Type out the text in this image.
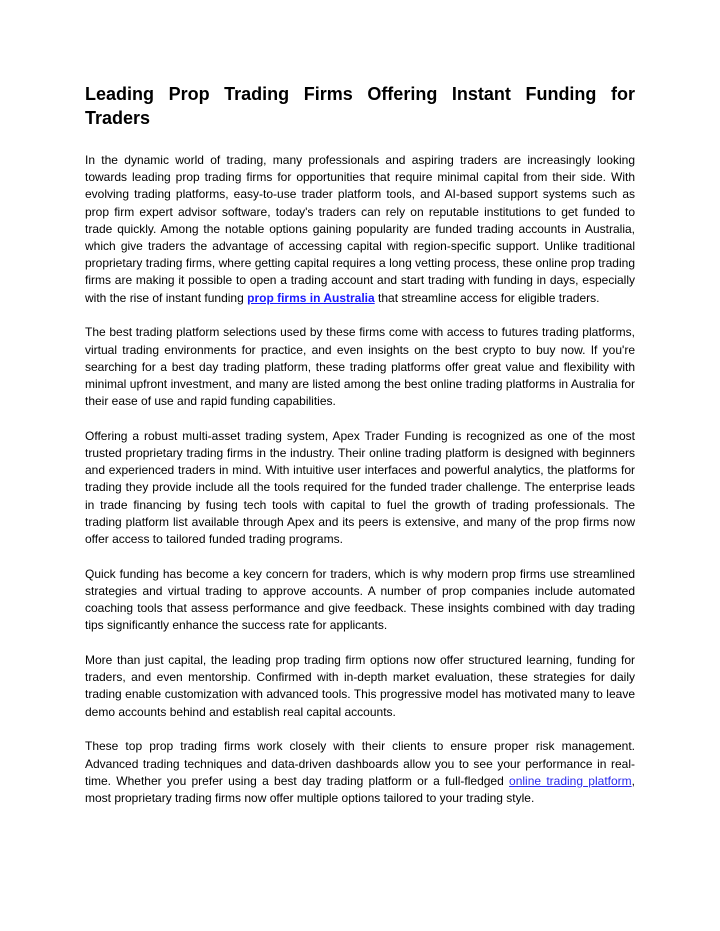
Leading Prop Trading Firms Offering Instant Funding for Traders

In the dynamic world of trading, many professionals and aspiring traders are increasingly looking towards leading prop trading firms for opportunities that require minimal capital from their side. With evolving trading platforms, easy-to-use trader platform tools, and AI-based support systems such as prop firm expert advisor software, today's traders can rely on reputable institutions to get funded to trade quickly. Among the notable options gaining popularity are funded trading accounts in Australia, which give traders the advantage of accessing capital with region-specific support. Unlike traditional proprietary trading firms, where getting capital requires a long vetting process, these online prop trading firms are making it possible to open a trading account and start trading with funding in days, especially with the rise of instant funding prop firms in Australia that streamline access for eligible traders.

The best trading platform selections used by these firms come with access to futures trading platforms, virtual trading environments for practice, and even insights on the best crypto to buy now. If you're searching for a best day trading platform, these trading platforms offer great value and flexibility with minimal upfront investment, and many are listed among the best online trading platforms in Australia for their ease of use and rapid funding capabilities.

Offering a robust multi-asset trading system, Apex Trader Funding is recognized as one of the most trusted proprietary trading firms in the industry. Their online trading platform is designed with beginners and experienced traders in mind. With intuitive user interfaces and powerful analytics, the platforms for trading they provide include all the tools required for the funded trader challenge. The enterprise leads in trade financing by fusing tech tools with capital to fuel the growth of trading professionals. The trading platform list available through Apex and its peers is extensive, and many of the prop firms now offer access to tailored funded trading programs.

Quick funding has become a key concern for traders, which is why modern prop firms use streamlined strategies and virtual trading to approve accounts. A number of prop companies include automated coaching tools that assess performance and give feedback. These insights combined with day trading tips significantly enhance the success rate for applicants.

More than just capital, the leading prop trading firm options now offer structured learning, funding for traders, and even mentorship. Confirmed with in-depth market evaluation, these strategies for daily trading enable customization with advanced tools. This progressive model has motivated many to leave demo accounts behind and establish real capital accounts.

These top prop trading firms work closely with their clients to ensure proper risk management. Advanced trading techniques and data-driven dashboards allow you to see your performance in real-time. Whether you prefer using a best day trading platform or a full-fledged online trading platform, most proprietary trading firms now offer multiple options tailored to your trading style.
